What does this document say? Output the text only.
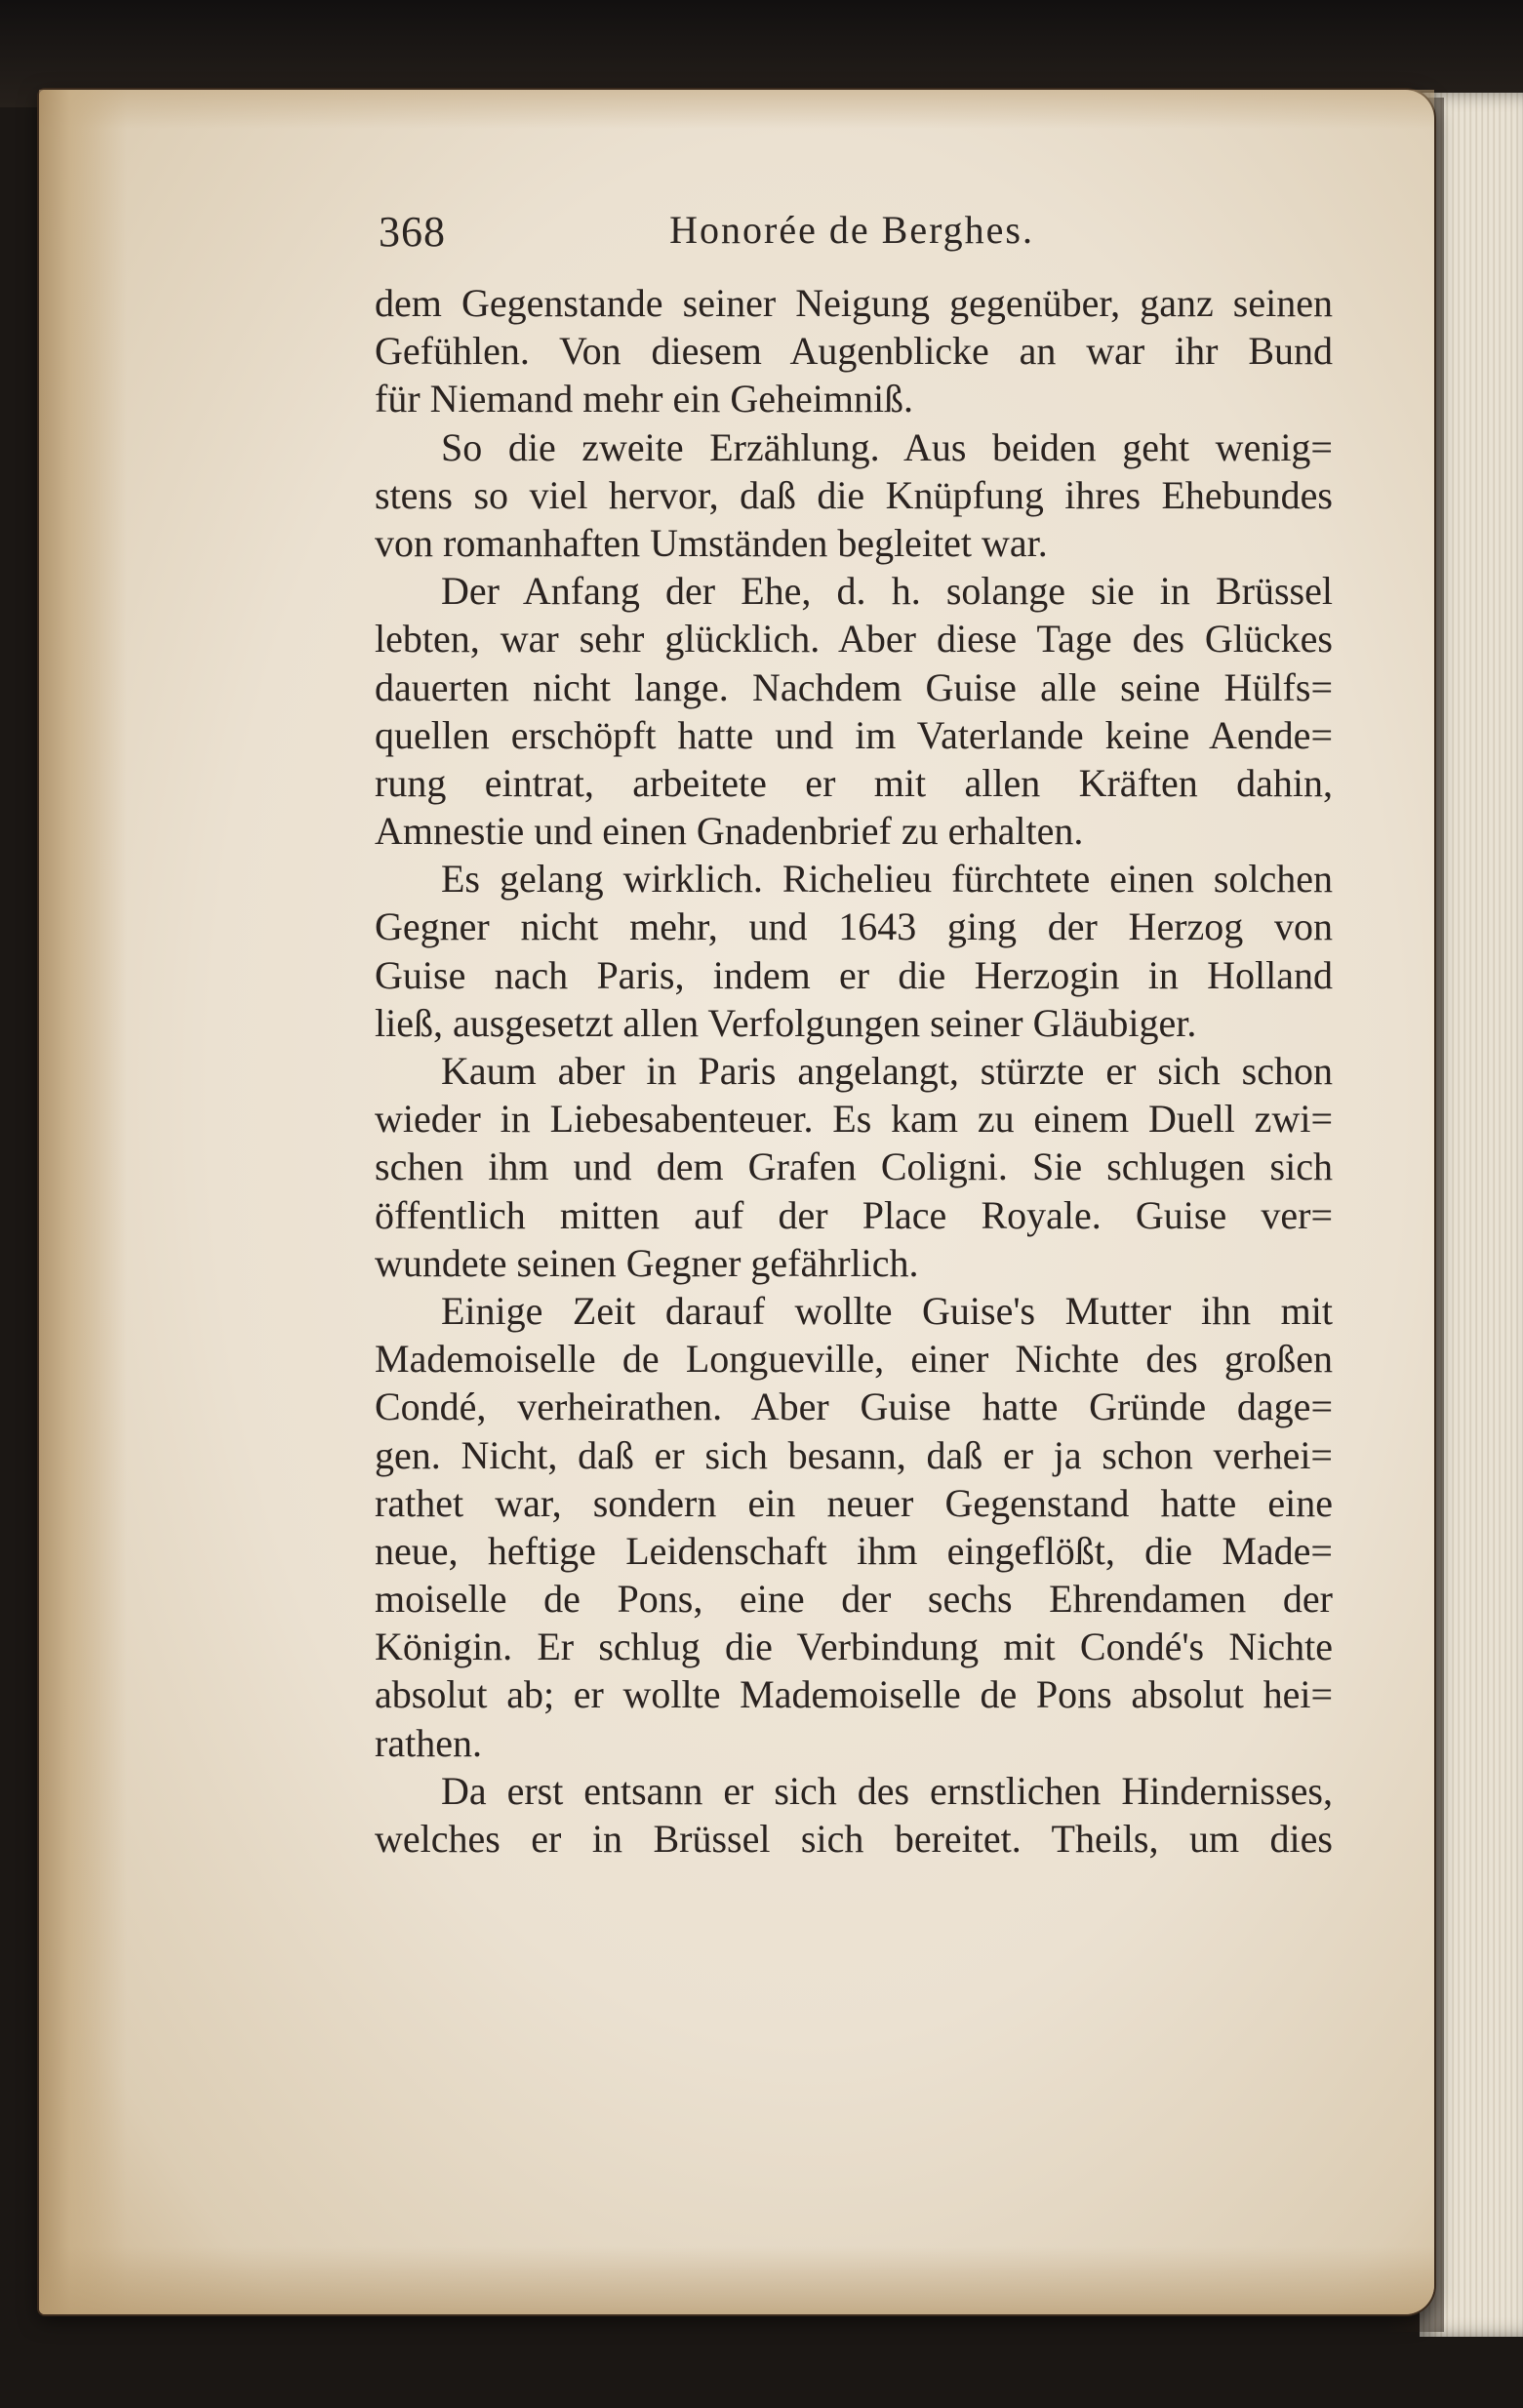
368	Honorée de Berghes.
dem Gegenstande seiner Neigung gegenüber, ganz seinen
Gefühlen. Von diesem Augenblicke an war ihr Bund
für Niemand mehr ein Geheimniß.
So die zweite Erzählung. Aus beiden geht wenig=
stens so viel hervor, daß die Knüpfung ihres Ehebundes
von romanhaften Umständen begleitet war.
Der Anfang der Ehe, d. h. solange sie in Brüssel
lebten, war sehr glücklich. Aber diese Tage des Glückes
dauerten nicht lange. Nachdem Guise alle seine Hülfs=
quellen erschöpft hatte und im Vaterlande keine Aende=
rung eintrat, arbeitete er mit allen Kräften dahin,
Amnestie und einen Gnadenbrief zu erhalten.
Es gelang wirklich. Richelieu fürchtete einen solchen
Gegner nicht mehr, und 1643 ging der Herzog von
Guise nach Paris, indem er die Herzogin in Holland
ließ, ausgesetzt allen Verfolgungen seiner Gläubiger.
Kaum aber in Paris angelangt, stürzte er sich schon
wieder in Liebesabenteuer. Es kam zu einem Duell zwi=
schen ihm und dem Grafen Coligni. Sie schlugen sich
öffentlich mitten auf der Place Royale. Guise ver=
wundete seinen Gegner gefährlich.
Einige Zeit darauf wollte Guise's Mutter ihn mit
Mademoiselle de Longueville, einer Nichte des großen
Condé, verheirathen. Aber Guise hatte Gründe dage=
gen. Nicht, daß er sich besann, daß er ja schon verhei=
rathet war, sondern ein neuer Gegenstand hatte eine
neue, heftige Leidenschaft ihm eingeflößt, die Made=
moiselle de Pons, eine der sechs Ehrendamen der
Königin. Er schlug die Verbindung mit Condé's Nichte
absolut ab; er wollte Mademoiselle de Pons absolut hei=
rathen.
Da erst entsann er sich des ernstlichen Hindernisses,
welches er in Brüssel sich bereitet. Theils, um dies
